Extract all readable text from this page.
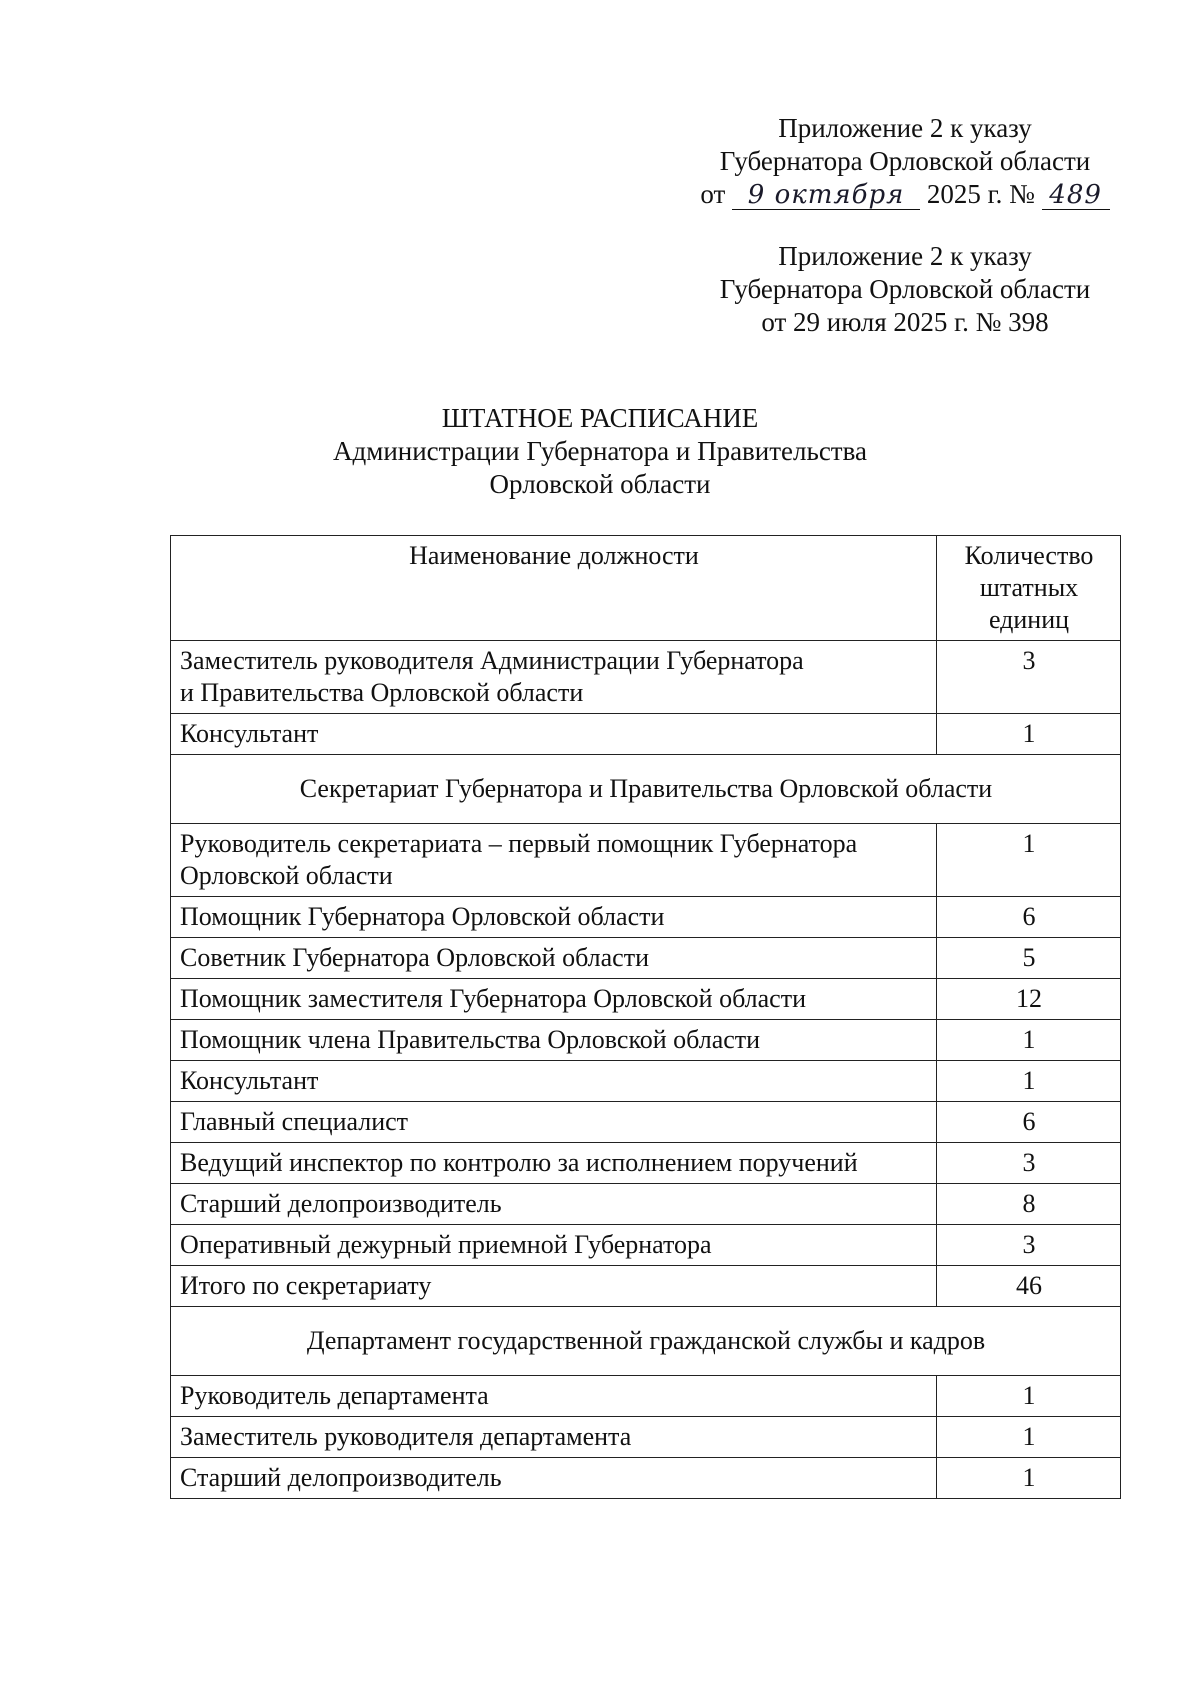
Приложение 2 к указу
Губернатора Орловской области
от 9 октября 2025 г. № 489
Приложение 2 к указу
Губернатора Орловской области
от 29 июля 2025 г. № 398
ШТАТНОЕ РАСПИСАНИЕ
Администрации Губернатора и Правительства
Орловской области
Наименование должности	Количество
штатных
единиц

Заместитель руководителя Администрации Губернатора
и Правительства Орловской области	3
Консультант	1
Секретариат Губернатора и Правительства Орловской области	

Руководитель секретариата – первый помощник Губернатора
Орловской области	1
Помощник Губернатора Орловской области	6
Советник Губернатора Орловской области	5
Помощник заместителя Губернатора Орловской области	12
Помощник члена Правительства Орловской области	1
Консультант	1
Главный специалист	6
Ведущий инспектор по контролю за исполнением поручений	3
Старший делопроизводитель	8
Оперативный дежурный приемной Губернатора	3
Итого по секретариату	46
Департамент государственной гражданской службы и кадров	
Руководитель департамента	1
Заместитель руководителя департамента	1
Старший делопроизводитель	1
